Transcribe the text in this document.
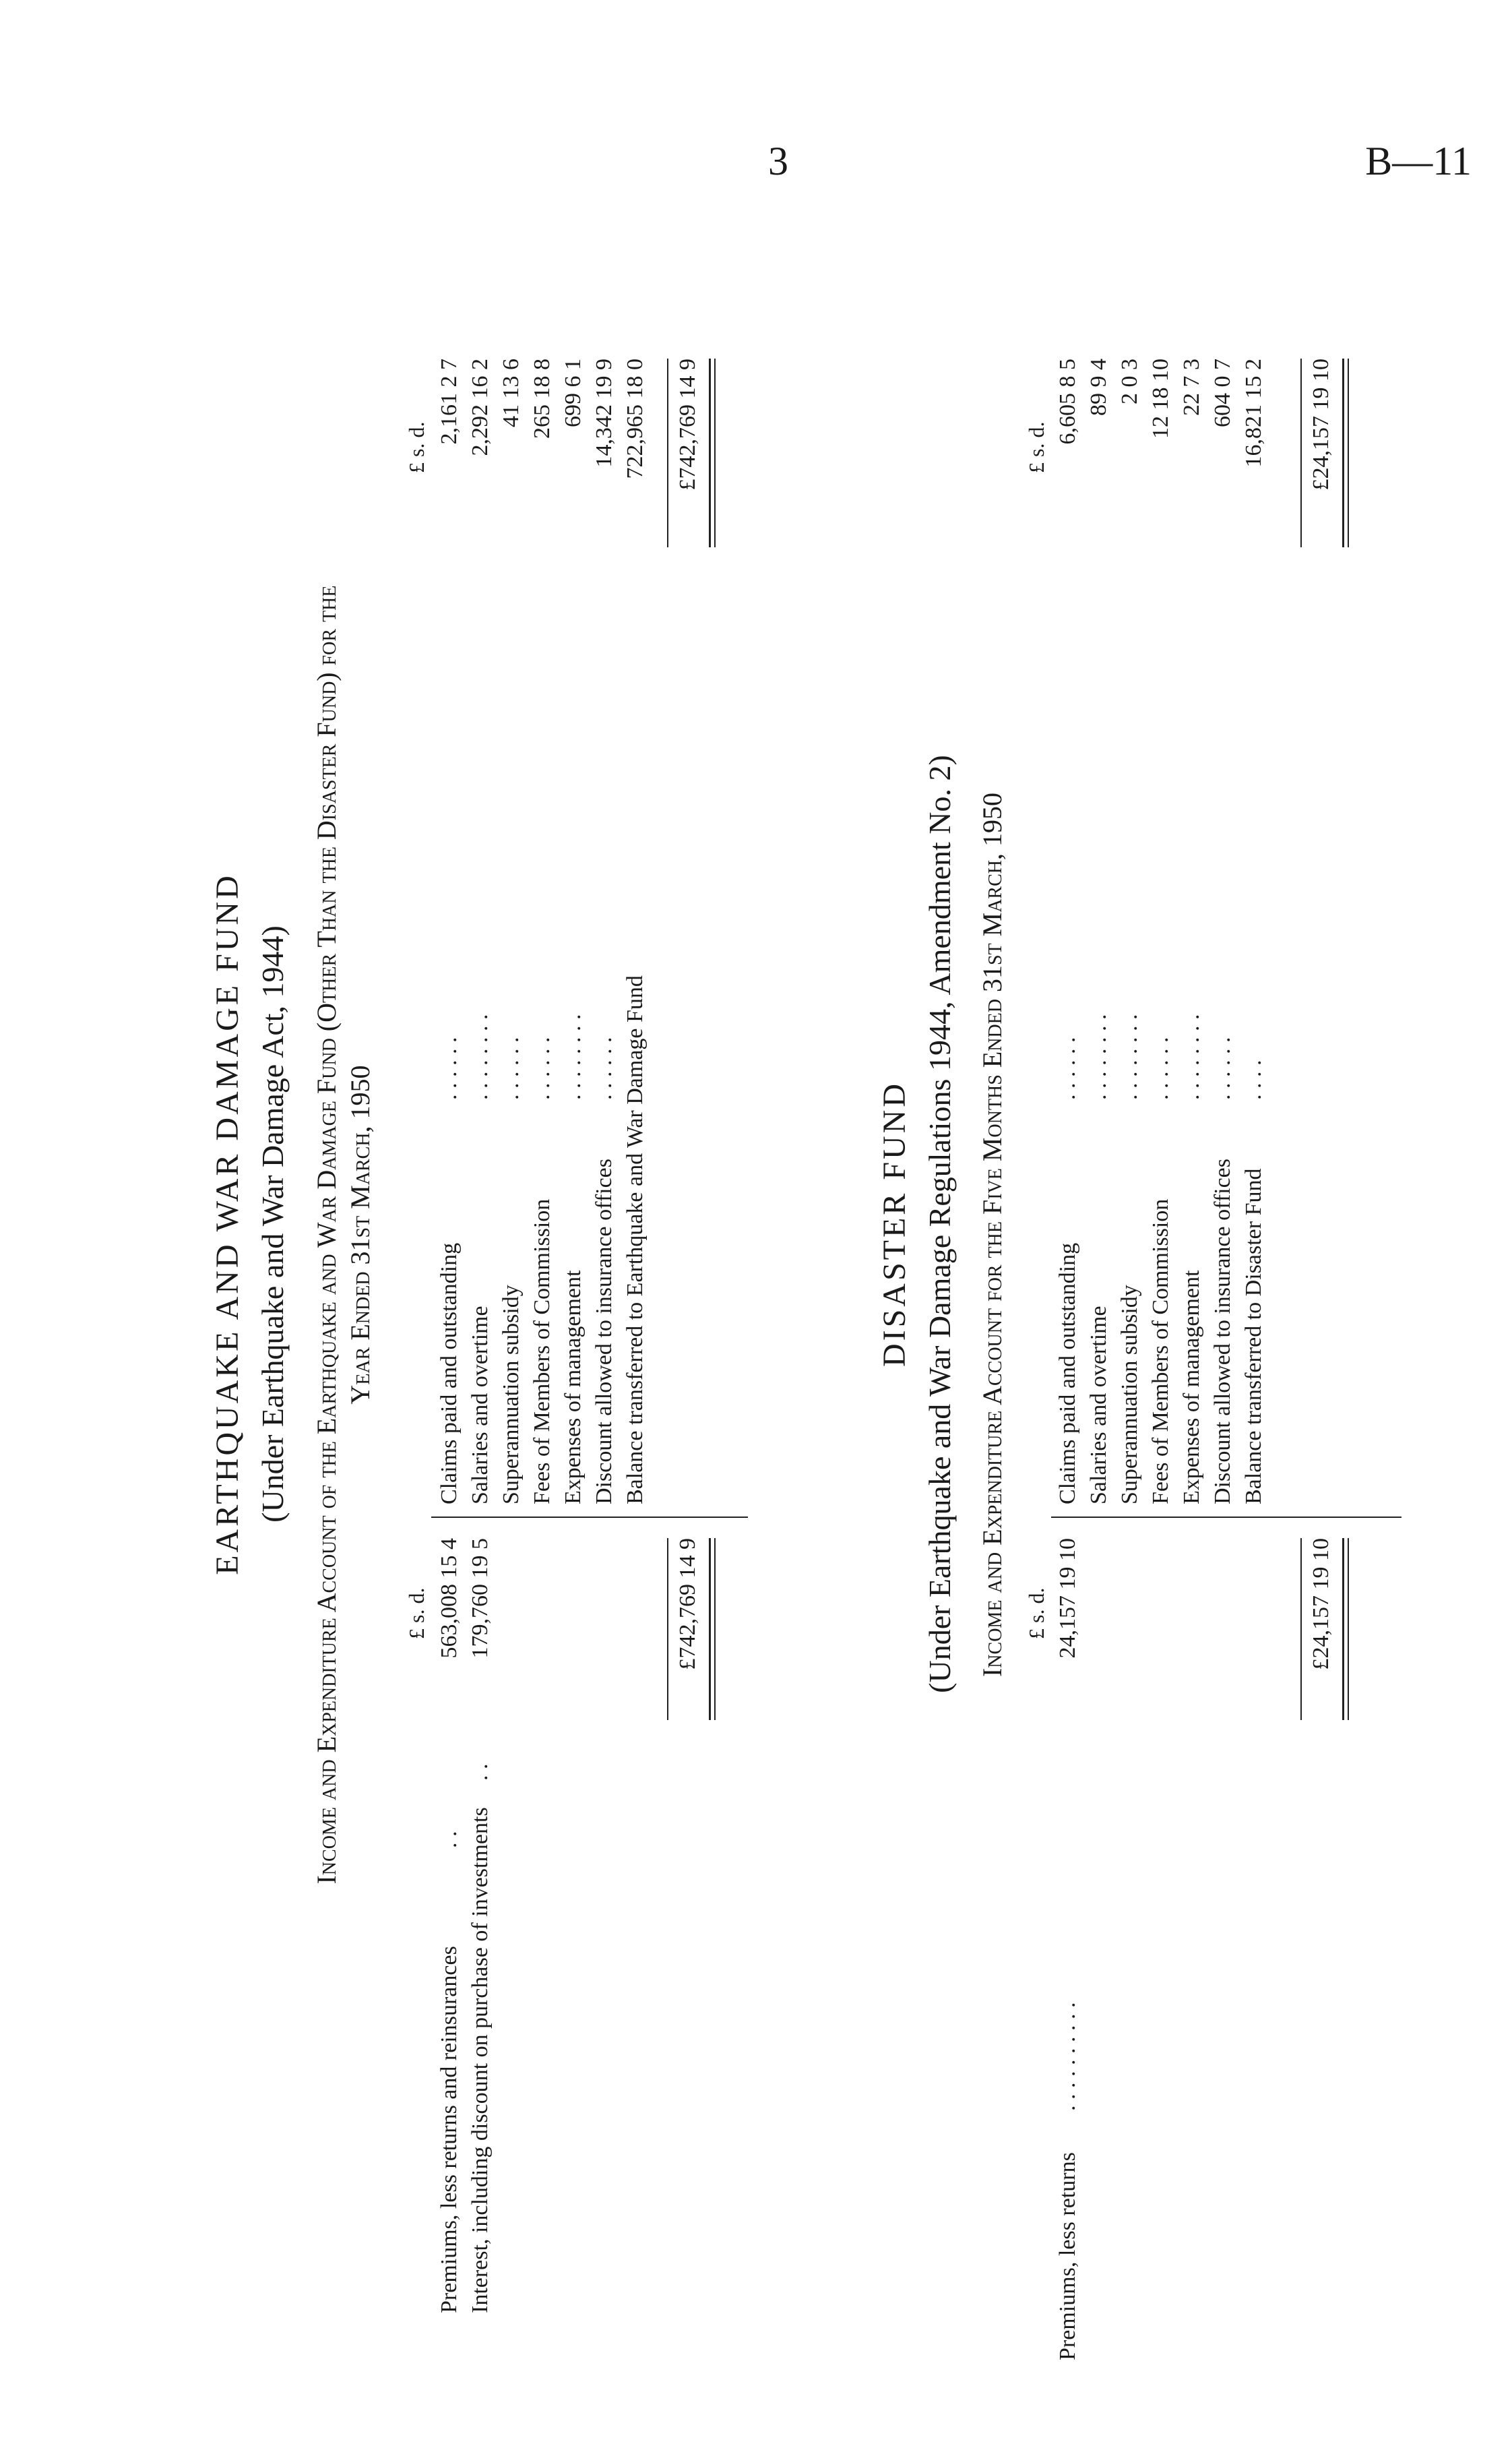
3	B—11
EARTHQUAKE AND WAR DAMAGE FUND (Under Earthquake and War Damage Act, 1944) Income and Expenditure Account of the Earthquake and War Damage Fund (Other Than the Disaster Fund) for the Year Ended 31st March, 1950
£ s. d.
£ s. d.
Premiums, less returns and reinsurances
. .
563,008 15 4
Interest, including discount on purchase of investments
. .
179,760 19 5
Claims paid and outstanding
. . . . . .
2,161 2 7
Salaries and overtime
. . . . . . . .
2,292 16 2
Superannuation subsidy
. . . . . .
41 13 6
Fees of Members of Commission
. . . . . .
265 18 8
Expenses of management
. . . . . . . .
699 6 1
Discount allowed to insurance offices
. . . . . .
14,342 19 9
Balance transferred to Earthquake and War Damage Fund
722,965 18 0
£742,769 14 9
£742,769 14 9
DISASTER FUND (Under Earthquake and War Damage Regulations 1944, Amendment No. 2) Income and Expenditure Account for the Five Months Ended 31st March, 1950 £ s. d.
£ s. d.
Premiums, less returns
. . . . . . . . . .
24,157 19 10
Claims paid and outstanding
. . . . . .
6,605 8 5
Salaries and overtime
. . . . . . . .
89 9 4
Superannuation subsidy
. . . . . . . .
2 0 3
Fees of Members of Commission
. . . . . .
12 18 10
Expenses of management
. . . . . . . .
22 7 3
Discount allowed to insurance offices
. . . . . .
604 0 7
Balance transferred to Disaster Fund
. . . .
16,821 15 2
£24,157 19 10
£24,157 19 10
